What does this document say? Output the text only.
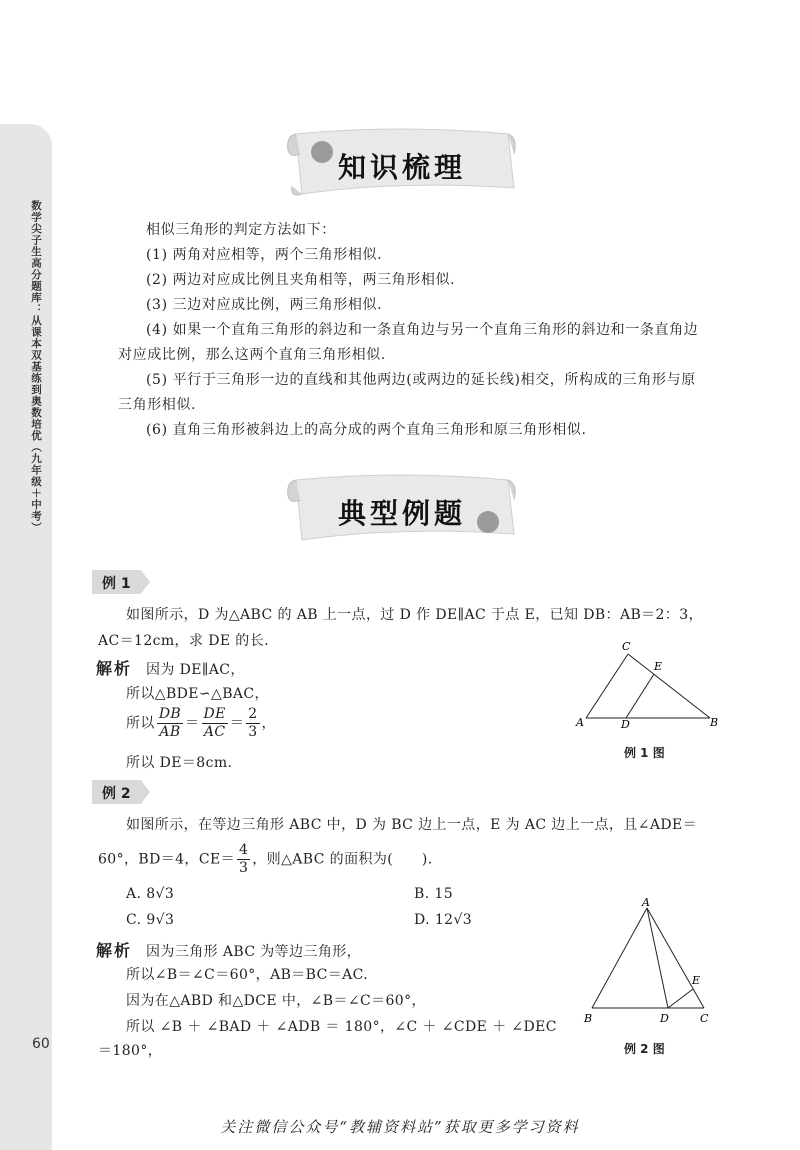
数学尖子生高分题库：从课本双基练到奥数培优（九年级＋中考）
60
知识梳理

相似三角形的判定方法如下：

(1) 两角对应相等，两个三角形相似.

(2) 两边对应成比例且夹角相等，两三角形相似.

(3) 三边对应成比例，两三角形相似.

(4) 如果一个直角三角形的斜边和一条直角边与另一个直角三角形的斜边和一条直角边对应成比例，那么这两个直角三角形相似.

(5) 平行于三角形一边的直线和其他两边(或两边的延长线)相交，所构成的三角形与原三角形相似.

(6) 直角三角形被斜边上的高分成的两个直角三角形和原三角形相似.

典型例题
例 1
如图所示，D 为△ABC 的 AB 上一点，过 D 作 DE∥AC 于点 E，已知 DB：AB＝2：3，
AC＝12cm，求 DE 的长.
解析 因为 DE∥AC，
所以△BDE∽△BAC，
所以 $\frac{DB}{AB} = \frac{DE}{AC} = \frac{2}{3}$ ，
所以 DE＝8cm.
A	B
C
D
E
例 1 图
例 2
如图所示，在等边三角形 ABC 中，D 为 BC 边上一点，E 为 AC 边上一点，且∠ADE＝
60°，BD＝4，$CE= \frac{4}{3}$ ，则△ABC 的面积为(　　).
A. 8√3	B. 15
C. 9√3	D. 12√3
解析 因为三角形 ABC 为等边三角形，
所以∠B＝∠C＝60°，AB＝BC＝AC.
因为在△ABD 和△DCE 中，∠B＝∠C＝60°，
所以 ∠B ＋ ∠BAD ＋ ∠ADB ＝ 180°，∠C ＋ ∠CDE ＋ ∠DEC
＝180°，
A
B	C
D
E
例 2 图
关注微信公众号“教辅资料站”获取更多学习资料
